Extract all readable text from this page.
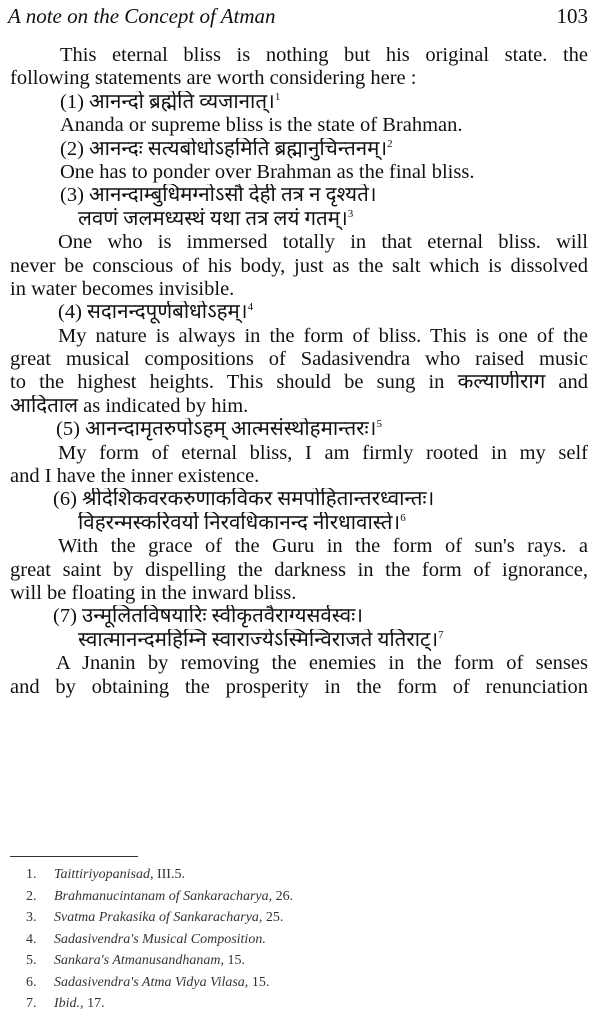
A note on the Concept of Atman	103
This eternal bliss is nothing but his original state. the
following statements are worth considering here :
(1) आनन्दो ब्रह्मेति व्यजानात्।$^1$
Ananda or supreme bliss is the state of Brahman.
(2) आनन्दः सत्यबोधोऽहमिति ब्रह्मानुचिन्तनम्।$^2$
One has to ponder over Brahman as the final bliss.
(3) आनन्दाम्बुधिमग्नोऽसौ देही तत्र न दृश्यते।
लवणं जलमध्यस्थं यथा तत्र लयं गतम्।$^3$
One who is immersed totally in that eternal bliss. will
never be conscious of his body, just as the salt which is dissolved
in water becomes invisible.
(4) सदानन्दपूर्णबोधोऽहम्।$^4$
My nature is always in the form of bliss. This is one of the
great musical compositions of Sadasivendra who raised music
to the highest heights. This should be sung in कल्याणीराग and
आदिताल as indicated by him.
(5) आनन्दामृतरुपोऽहम् आत्मसंस्थोहमान्तरः।$^5$
My form of eternal bliss, I am firmly rooted in my self
and I have the inner existence.
(6) श्रीदेशिकवरकरुणाकविकर समपोहितान्तरध्वान्तः।
विहरन्मस्करिवर्यो निरवधिकानन्द नीरधावास्ते।$^6$
With the grace of the Guru in the form of sun's rays. a
great saint by dispelling the darkness in the form of ignorance,
will be floating in the inward bliss.
(7) उन्मूलितविषयारिः स्वीकृतवैराग्यसर्वस्वः।
स्वात्मानन्दमहिम्नि स्वाराज्येऽस्मिन्विराजते यतिराट्।$^7$
A Jnanin by removing the enemies in the form of senses
and by obtaining the prosperity in the form of renunciation
1. Taittiriyopanisad, III.5.
2. Brahmanucintanam of Sankaracharya, 26.
3. Svatma Prakasika of Sankaracharya, 25.
4. Sadasivendra's Musical Composition.
5. Sankara's Atmanusandhanam, 15.
6. Sadasivendra's Atma Vidya Vilasa, 15.
7. Ibid., 17.
